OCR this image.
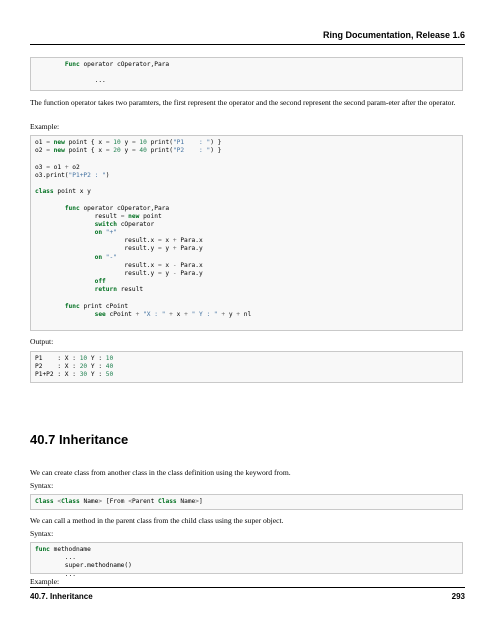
Ring Documentation, Release 1.6
Func operator cOperator,Para
...
The function operator takes two paramters, the first represent the operator and the second represent the second param-eter after the operator.
Example:
o1 = new point { x = 10 y = 10 print("P1    : ") }
o2 = new point { x = 20 y = 40 print("P2    : ") }
o3 = o1 + o2
o3.print("P1+P2 : ")
class point x y
func operator cOperator,Para
result = new point
switch cOperator
on "+"
result.x = x + Para.x
result.y = y + Para.y
on "-"
result.x = x - Para.x
result.y = y - Para.y
off
return result
func print cPoint
see cPoint + "X : " + x + " Y : " + y + nl
Output:
P1    : X : 10 Y : 10
P2    : X : 20 Y : 40
P1+P2 : X : 30 Y : 50
40.7 Inheritance
We can create class from another class in the class definition using the keyword from.
Syntax:
Class <Class Name> [From <Parent Class Name>]
We can call a method in the parent class from the child class using the super object.
Syntax:
func methodname
...
super.methodname()
...
Example:
40.7. Inheritance	293
